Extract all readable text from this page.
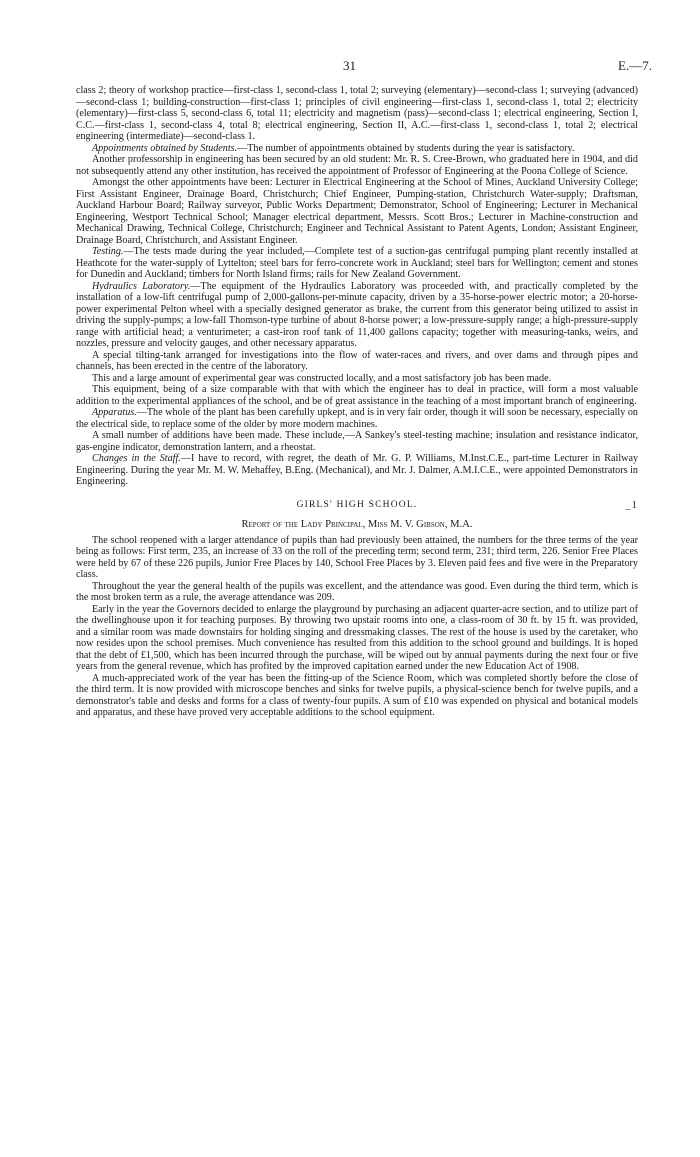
31	E.—7.

class 2; theory of workshop practice—first-class 1, second-class 1, total 2; surveying (elementary)—second-class 1; surveying (advanced)—second-class 1; building-construction—first-class 1; principles of civil engineering—first-class 1, second-class 1, total 2; electricity (elementary)—first-class 5, second-class 6, total 11; electricity and magnetism (pass)—second-class 1; electrical engineering, Section I, C.C.—first-class 1, second-class 4, total 8; electrical engineering, Section II, A.C.—first-class 1, second-class 1, total 2; electrical engineering (intermediate)—second-class 1.

Appointments obtained by Students.—The number of appointments obtained by students during the year is satisfactory.

Another professorship in engineering has been secured by an old student: Mr. R. S. Cree-Brown, who graduated here in 1904, and did not subsequently attend any other institution, has received the appointment of Professor of Engineering at the Poona College of Science.

Amongst the other appointments have been: Lecturer in Electrical Engineering at the School of Mines, Auckland University College; First Assistant Engineer, Drainage Board, Christchurch; Chief Engineer, Pumping-station, Christchurch Water-supply; Draftsman, Auckland Harbour Board; Railway surveyor, Public Works Department; Demonstrator, School of Engineering; Lecturer in Mechanical Engineering, Westport Technical School; Manager electrical department, Messrs. Scott Bros.; Lecturer in Machine-construction and Mechanical Drawing, Technical College, Christchurch; Engineer and Technical Assistant to Patent Agents, London; Assistant Engineer, Drainage Board, Christchurch, and Assistant Engineer.

Testing.—The tests made during the year included,—Complete test of a suction-gas centrifugal pumping plant recently installed at Heathcote for the water-supply of Lyttelton; steel bars for ferro-concrete work in Auckland; steel bars for Wellington; cement and stones for Dunedin and Auckland; timbers for North Island firms; rails for New Zealand Government.

Hydraulics Laboratory.—The equipment of the Hydraulics Laboratory was proceeded with, and practically completed by the installation of a low-lift centrifugal pump of 2,000-gallons-per-minute capacity, driven by a 35-horse-power electric motor; a 20-horse-power experimental Pelton wheel with a specially designed generator as brake, the current from this generator being utilized to assist in driving the supply-pumps; a low-fall Thomson-type turbine of about 8-horse power; a low-pressure-supply range; a high-pressure-supply range with artificial head; a venturimeter; a cast-iron roof tank of 11,400 gallons capacity; together with measuring-tanks, weirs, and nozzles, pressure and velocity gauges, and other necessary apparatus.

A special tilting-tank arranged for investigations into the flow of water-races and rivers, and over dams and through pipes and channels, has been erected in the centre of the laboratory.

This and a large amount of experimental gear was constructed locally, and a most satisfactory job has been made.

This equipment, being of a size comparable with that with which the engineer has to deal in practice, will form a most valuable addition to the experimental appliances of the school, and be of great assistance in the teaching of a most important branch of engineering.

Apparatus.—The whole of the plant has been carefully upkept, and is in very fair order, though it will soon be necessary, especially on the electrical side, to replace some of the older by more modern machines.

A small number of additions have been made. These include,—A Sankey's steel-testing machine; insulation and resistance indicator, gas-engine indicator, demonstration lantern, and a rheostat.

Changes in the Staff.—I have to record, with regret, the death of Mr. G. P. Williams, M.Inst.C.E., part-time Lecturer in Railway Engineering. During the year Mr. M. W. Mehaffey, B.Eng. (Mechanical), and Mr. J. Dalmer, A.M.I.C.E., were appointed Demonstrators in Engineering.

GIRLS' HIGH SCHOOL.	_1
Report of the Lady Principal, Miss M. V. Gibson, M.A.

The school reopened with a larger attendance of pupils than had previously been attained, the numbers for the three terms of the year being as follows: First term, 235, an increase of 33 on the roll of the preceding term; second term, 231; third term, 226. Senior Free Places were held by 67 of these 226 pupils, Junior Free Places by 140, School Free Places by 3. Eleven paid fees and five were in the Preparatory class.

Throughout the year the general health of the pupils was excellent, and the attendance was good. Even during the third term, which is the most broken term as a rule, the average attendance was 209.

Early in the year the Governors decided to enlarge the playground by purchasing an adjacent quarter-acre section, and to utilize part of the dwellinghouse upon it for teaching purposes. By throwing two upstair rooms into one, a class-room of 30 ft. by 15 ft. was provided, and a similar room was made downstairs for holding singing and dressmaking classes. The rest of the house is used by the caretaker, who now resides upon the school premises. Much convenience has resulted from this addition to the school ground and buildings. It is hoped that the debt of £1,500, which has been incurred through the purchase, will be wiped out by annual payments during the next four or five years from the general revenue, which has profited by the improved capitation earned under the new Education Act of 1908.

A much-appreciated work of the year has been the fitting-up of the Science Room, which was completed shortly before the close of the third term. It is now provided with microscope benches and sinks for twelve pupils, a physical-science bench for twelve pupils, and a demonstrator's table and desks and forms for a class of twenty-four pupils. A sum of £10 was expended on physical and botanical models and apparatus, and these have proved very acceptable additions to the school equipment.
